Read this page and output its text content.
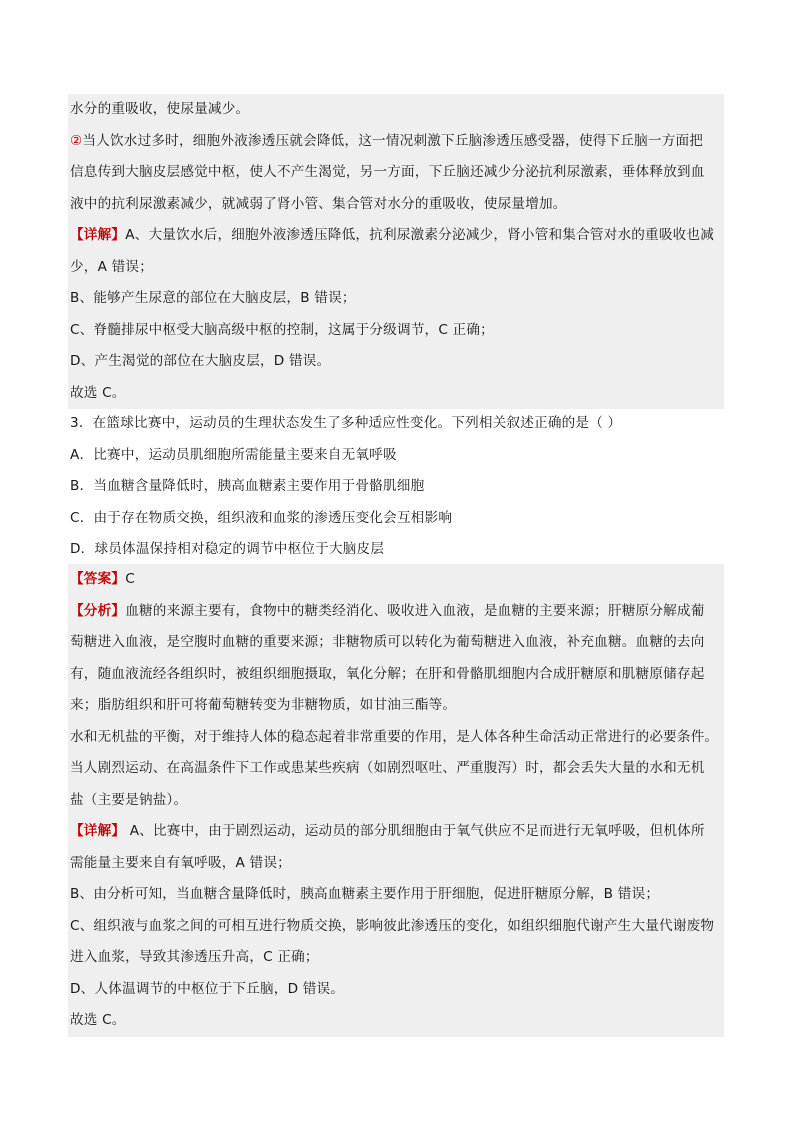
水分的重吸收，使尿量减少。
②当人饮水过多时，细胞外液渗透压就会降低，这一情况刺激下丘脑渗透压感受器，使得下丘脑一方面把
信息传到大脑皮层感觉中枢，使人不产生渴觉，另一方面，下丘脑还减少分泌抗利尿激素，垂体释放到血
液中的抗利尿激素减少，就减弱了肾小管、集合管对水分的重吸收，使尿量增加。
【详解】A、大量饮水后，细胞外液渗透压降低，抗利尿激素分泌减少，肾小管和集合管对水的重吸收也减
少，A 错误；
B、能够产生尿意的部位在大脑皮层，B 错误；
C、脊髓排尿中枢受大脑高级中枢的控制，这属于分级调节，C 正确；
D、产生渴觉的部位在大脑皮层，D 错误。
故选 C。
3．在篮球比赛中，运动员的生理状态发生了多种适应性变化。下列相关叙述正确的是（ ）
A．比赛中，运动员肌细胞所需能量主要来自无氧呼吸
B．当血糖含量降低时，胰高血糖素主要作用于骨骼肌细胞
C．由于存在物质交换，组织液和血浆的渗透压变化会互相影响
D．球员体温保持相对稳定的调节中枢位于大脑皮层
【答案】C
【分析】血糖的来源主要有，食物中的糖类经消化、吸收进入血液，是血糖的主要来源；肝糖原分解成葡
萄糖进入血液，是空腹时血糖的重要来源；非糖物质可以转化为葡萄糖进入血液，补充血糖。血糖的去向
有，随血液流经各组织时，被组织细胞摄取，氧化分解；在肝和骨骼肌细胞内合成肝糖原和肌糖原储存起
来；脂肪组织和肝可将葡萄糖转变为非糖物质，如甘油三酯等。
水和无机盐的平衡，对于维持人体的稳态起着非常重要的作用，是人体各种生命活动正常进行的必要条件。
当人剧烈运动、在高温条件下工作或患某些疾病（如剧烈呕吐、严重腹泻）时，都会丢失大量的水和无机
盐（主要是钠盐）。
【详解】 A、比赛中，由于剧烈运动，运动员的部分肌细胞由于氧气供应不足而进行无氧呼吸，但机体所
需能量主要来自有氧呼吸，A 错误；
B、由分析可知，当血糖含量降低时，胰高血糖素主要作用于肝细胞，促进肝糖原分解，B 错误；
C、组织液与血浆之间的可相互进行物质交换，影响彼此渗透压的变化，如组织细胞代谢产生大量代谢废物
进入血浆，导致其渗透压升高，C 正确；
D、人体温调节的中枢位于下丘脑，D 错误。
故选 C。
